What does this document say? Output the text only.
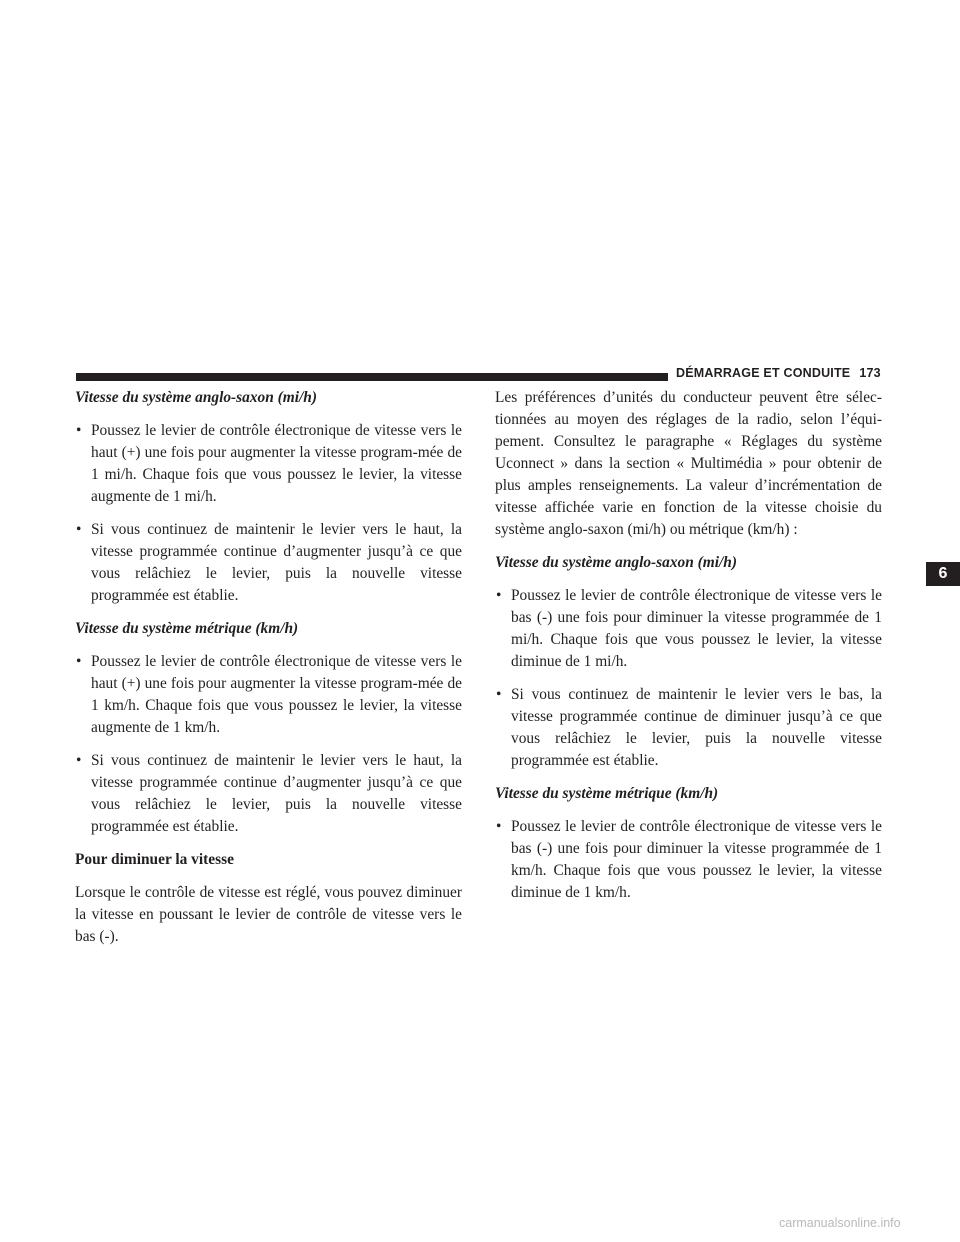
DÉMARRAGE ET CONDUITE 173
6

Vitesse du système anglo-saxon (mi/h)

• Poussez le levier de contrôle électronique de vitesse vers le haut (+) une fois pour augmenter la vitesse program-mée de 1 mi/h. Chaque fois que vous poussez le levier, la vitesse augmente de 1 mi/h.

• Si vous continuez de maintenir le levier vers le haut, la vitesse programmée continue d’augmenter jusqu’à ce que vous relâchiez le levier, puis la nouvelle vitesse programmée est établie.

Vitesse du système métrique (km/h)

• Poussez le levier de contrôle électronique de vitesse vers le haut (+) une fois pour augmenter la vitesse program-mée de 1 km/h. Chaque fois que vous poussez le levier, la vitesse augmente de 1 km/h.

• Si vous continuez de maintenir le levier vers le haut, la vitesse programmée continue d’augmenter jusqu’à ce que vous relâchiez le levier, puis la nouvelle vitesse programmée est établie.

Pour diminuer la vitesse

Lorsque le contrôle de vitesse est réglé, vous pouvez diminuer la vitesse en poussant le levier de contrôle de vitesse vers le bas (-).

Les préférences d’unités du conducteur peuvent être sélec-tionnées au moyen des réglages de la radio, selon l’équi-pement. Consultez le paragraphe « Réglages du système Uconnect » dans la section « Multimédia » pour obtenir de plus amples renseignements. La valeur d’incrémentation de vitesse affichée varie en fonction de la vitesse choisie du système anglo-saxon (mi/h) ou métrique (km/h) :

Vitesse du système anglo-saxon (mi/h)

• Poussez le levier de contrôle électronique de vitesse vers le bas (-) une fois pour diminuer la vitesse programmée de 1 mi/h. Chaque fois que vous poussez le levier, la vitesse diminue de 1 mi/h.

• Si vous continuez de maintenir le levier vers le bas, la vitesse programmée continue de diminuer jusqu’à ce que vous relâchiez le levier, puis la nouvelle vitesse programmée est établie.

Vitesse du système métrique (km/h)

• Poussez le levier de contrôle électronique de vitesse vers le bas (-) une fois pour diminuer la vitesse programmée de 1 km/h. Chaque fois que vous poussez le levier, la vitesse diminue de 1 km/h.

carmanualsonline.info
